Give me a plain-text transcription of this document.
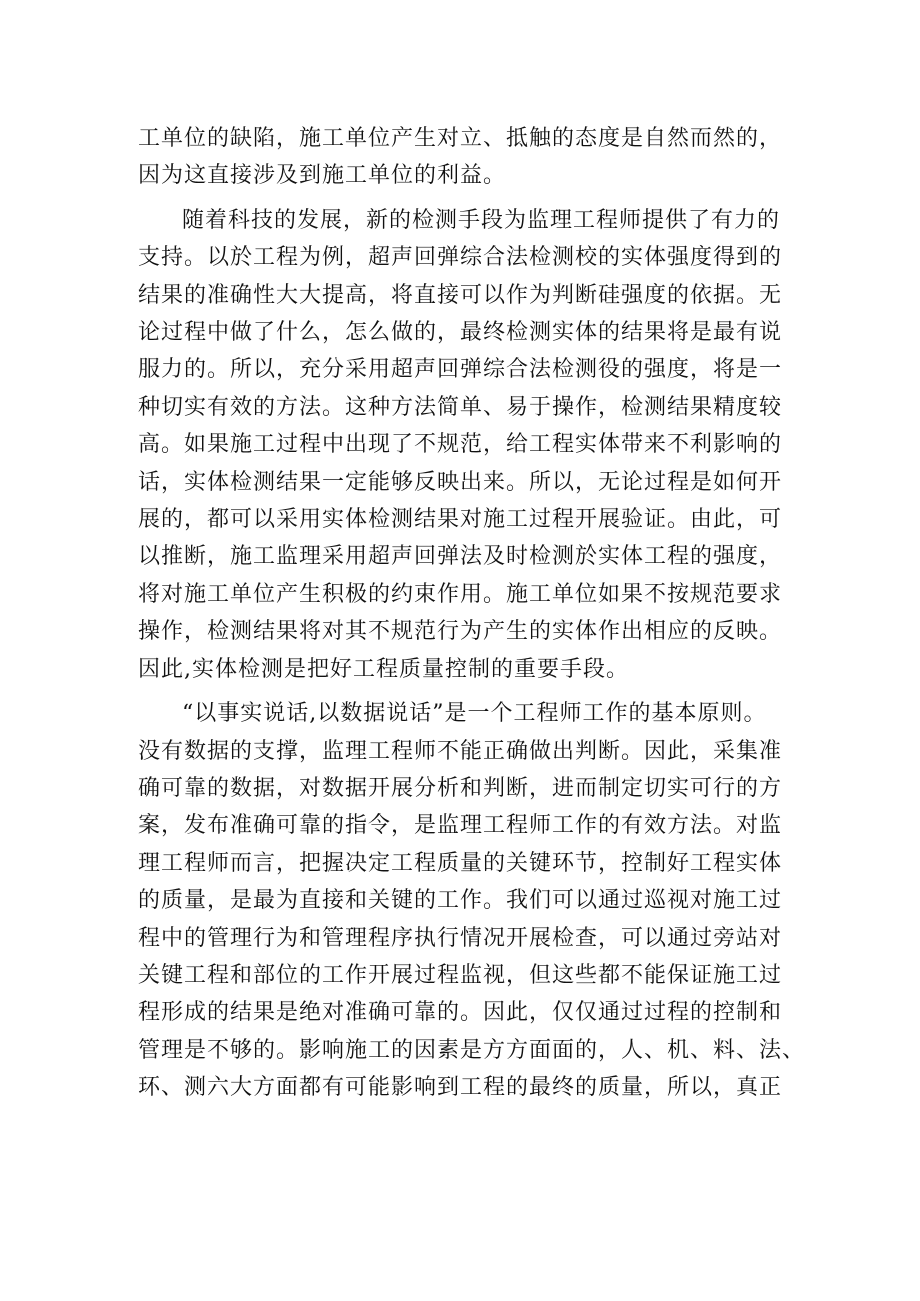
工单位的缺陷，施工单位产生对立、抵触的态度是自然而然的，
因为这直接涉及到施工单位的利益。

随着科技的发展，新的检测手段为监理工程师提供了有力的
支持。以於工程为例，超声回弹综合法检测校的实体强度得到的
结果的准确性大大提高，将直接可以作为判断硅强度的依据。无
论过程中做了什么，怎么做的，最终检测实体的结果将是最有说
服力的。所以，充分采用超声回弹综合法检测役的强度，将是一
种切实有效的方法。这种方法简单、易于操作，检测结果精度较
高。如果施工过程中出现了不规范，给工程实体带来不利影响的
话，实体检测结果一定能够反映出来。所以，无论过程是如何开
展的，都可以采用实体检测结果对施工过程开展验证。由此，可
以推断，施工监理采用超声回弹法及时检测於实体工程的强度，
将对施工单位产生积极的约束作用。施工单位如果不按规范要求
操作，检测结果将对其不规范行为产生的实体作出相应的反映。
因此,实体检测是把好工程质量控制的重要手段。

“以事实说话,以数据说话”是一个工程师工作的基本原则。
没有数据的支撑，监理工程师不能正确做出判断。因此，采集准
确可靠的数据，对数据开展分析和判断，进而制定切实可行的方
案，发布准确可靠的指令，是监理工程师工作的有效方法。对监
理工程师而言，把握决定工程质量的关键环节，控制好工程实体
的质量，是最为直接和关键的工作。我们可以通过巡视对施工过
程中的管理行为和管理程序执行情况开展检查，可以通过旁站对
关键工程和部位的工作开展过程监视，但这些都不能保证施工过
程形成的结果是绝对准确可靠的。因此，仅仅通过过程的控制和
管理是不够的。影响施工的因素是方方面面的，人、机、料、法、
环、测六大方面都有可能影响到工程的最终的质量，所以，真正
